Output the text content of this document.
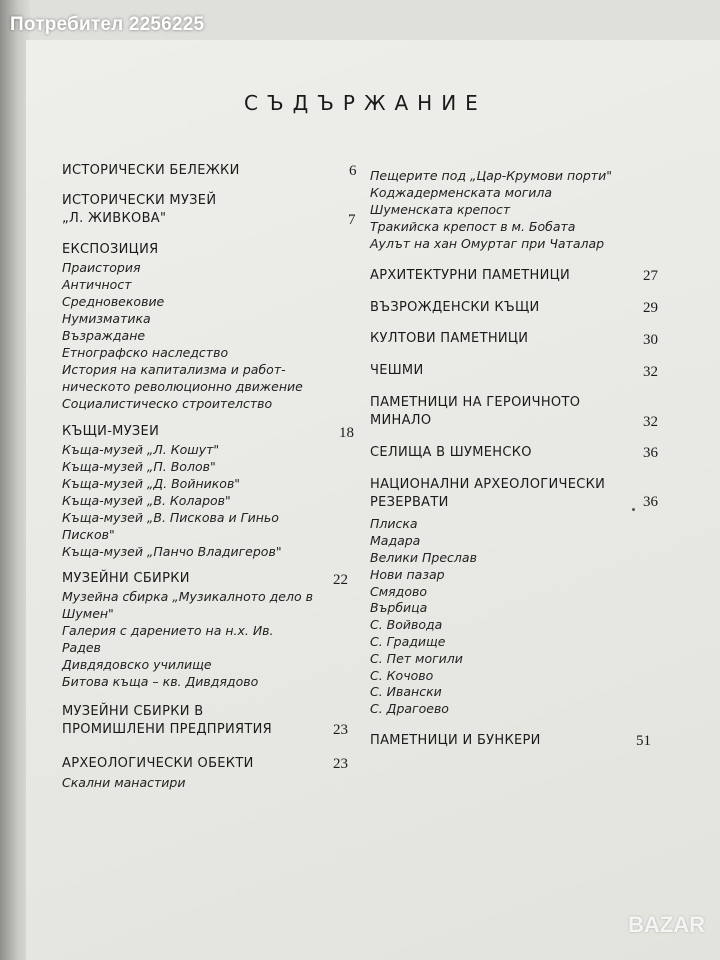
Потребител 2256225
СЪДЪРЖАНИЕ
ИСТОРИЧЕСКИ БЕЛЕЖКИ	6
ИСТОРИЧЕСКИ МУЗЕЙ
„Л. ЖИВКОВА"	7
ЕКСПОЗИЦИЯ
Праистория
Античност
Средновековие
Нумизматика
Възраждане
Етнографско наследство
История на капитализма и работ-
ническото революционно движение
Социалистическо строителство
КЪЩИ-МУЗЕИ	18
Къща-музей „Л. Кошут"
Къща-музей „П. Волов"
Къща-музей „Д. Войников"
Къща-музей „В. Коларов"
Къща-музей „В. Пискова и Гиньо
Писков"
Къща-музей „Панчо Владигеров"
МУЗЕЙНИ СБИРКИ	22
Музейна сбирка „Музикалното дело в
Шумен"
Галерия с дарението на н.х. Ив.
Радев
Дивдядовско училище
Битова къща – кв. Дивдядово
МУЗЕЙНИ СБИРКИ В
ПРОМИШЛЕНИ ПРЕДПРИЯТИЯ	23
АРХЕОЛОГИЧЕСКИ ОБЕКТИ	23
Скални манастири
Пещерите под „Цар-Крумови порти"
Коджадерменската могила
Шуменската крепост
Тракийска крепост в м. Бобата
Аулът на хан Омуртаг при Чаталар
АРХИТЕКТУРНИ ПАМЕТНИЦИ	27
ВЪЗРОЖДЕНСКИ КЪЩИ	29
КУЛТОВИ ПАМЕТНИЦИ	30
ЧЕШМИ	32
ПАМЕТНИЦИ НА ГЕРОИЧНОТО
МИНАЛО	32
СЕЛИЩА В ШУМЕНСКО	36
НАЦИОНАЛНИ АРХЕОЛОГИЧЕСКИ
РЕЗЕРВАТИ	36
Плиска
Мадара
Велики Преслав
Нови пазар
Смядово
Върбица
С. Войвода
С. Градище
С. Пет могили
С. Кочово
С. Ивански
С. Драгоево
ПАМЕТНИЦИ И БУНКЕРИ	51
BAZAR
